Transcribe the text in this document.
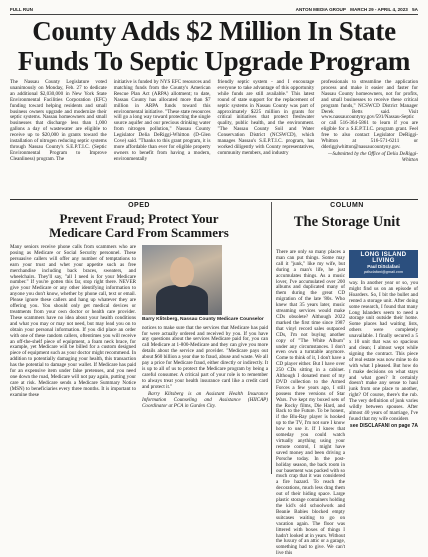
FULL RUN	ANTON MEDIA GROUP MARCH 29 - APRIL 4, 2023 5A
County Adds $2 Million In State
Funds To Septic Upgrade Program

The Nassau County Legislature voted unanimously on Monday, Feb. 27 to dedicate an additional $2,030,000 in New York State Environmental Facilities Corporation (EFC) funding toward helping residents and small business owners upgrade and modernize their septic systems. Nassau homeowners and small businesses that discharge less than 1,000 gallons a day of wastewater are eligible to receive up to $20,000 in grants toward the installation of nitrogen reducing septic systems through Nassau County's S.E.P.T.I.C. (Septic Environmental Program to Improve Cleanliness) program. The

initiative is funded by NYS EFC resources and matching funds from the County's American Rescue Plan Act (ARPA) allotment; to date, Nassau County has allocated more than $7 million in ARPA funds toward this environmental initiative. "These state resources will go a long way toward protecting the single source aquifer and our precious drinking water from nitrogen pollution," Nassau County Legislator Delia DeRiggi-Whitton (D-Glen Cove) said. "Thanks to this grant program, it is more affordable than ever for eligible property owners to benefit from having a modern, environmentally

friendly septic system - and I encourage everyone to take advantage of this opportunity while funds are still available." This latest round of state support for the replacement of septic systems in Nassau County was part of approximately $225 million in grants for critical initiatives that protect freshwater quality, public health, and the environment. "The Nassau County Soil and Water Conservation District (NCSWCD), which manages Nassau's S.E.P.T.I.C. program, has worked diligently with County representatives, community members, and industry

professionals to streamline the application process and make it easier and faster for Nassau County homeowners, not for profits, and small businesses to receive these critical program funds," NCSWCD District Manager Derek Betts said. Visit www.nassaucountyny.gov/591/Nassau-Septic or call 516-364-5861 to learn if you are eligible for a S.E.P.T.I.C. program grant. Feel free to also contact Legislator DeRiggi-Whitton at 516-571-6211 or dderiggiwhitton@nassaucountyny.gov.

—Submitted by the Office of Delia DeRiggi-Whitton
OPED	COLUMN
Prevent Fraud; Protect Your
Medicare Card From Scammers
The Storage Unit

Many seniors receive phone calls from scammers who are posing as Medicare or Social Security personnel. These persuasive callers will offer any number of temptations to earn your trust and whet your appetite such as free merchandise including back braces, sweaters, and wheelchairs. They'll say, "all I need is for your Medicare number." If you're gotten this far, stop right there. NEVER give your Medicare or any other identifying information to anyone you don't know, whether by phone call, text or email. Please ignore these callers and hang up whatever they are offering you. You should only get medical devices or treatments from your own doctor or health care provider. These scammers have no idea about your health conditions and what you may or may not need, but may lead you on to obtain your personal information. If you did place an order with one of these random callers, oftentimes you will receive an off-the-shelf piece of equipment, a foam neck brace, for example, yet Medicare will be billed for a custom designed piece of equipment such as your doctor might recommend. In addition to potentially damaging your health, this transaction has the potential to damage your wallet. If Medicare has paid for an expensive item under false pretenses, and you need one down the road, Medicare will not pay again, putting your care at risk. Medicare sends a Medicare Summary Notice (MSN) to beneficiaries every three months. It is important to examine these

Barry Klitsberg, Nassau County Medicare Counselor

notices to make sure that the services that Medicare has paid for were actually ordered and received by you. If you have any questions about the services Medicare paid for, you can call Medicare at 1-800-Medicare and they can give you more details about the service and provider. "Medicare pays out about $60 billion a year due to fraud, abuse and waste. We all pay a price for Medicare fraud, either directly or indirectly. It is up to all of us to protect the Medicare program by being a careful consumer. A critical part of your role is to remember to always treat your health insurance card like a credit card and protect it."

Barry Klitsberg is an Assistant Health Insurance Information Counseling and Assistance (HIICAP) Coordinator at PCA in Garden City.

There are only so many places a man can put things. Some may call it "junk," like my wife, but during a man's life, he just accumulates things. As a music lover, I've accumulated over 200 albums and duplicated many of them during the great CD migration of the late '80s. Who knew that 35 years later, music streaming services would make CDs obsolete? Although 2022 marked the first time since 1987 that vinyl record sales outpaced CDs, I'm not buying another copy of "The White Album" under any circumstances. I don't even own a turntable anymore. Come to think of it, I don't have a CD player either. But I have over 250 CDs sitting in a cabinet. Although I donated most of my DVD collection to the Armed Forces a few years ago, I still possess three versions of Star Wars. I've kept my boxed sets of the Rocky films, Die Hard, and Back to the Future. To be honest, if the Blu-Ray player is hooked up to the TV, I'm not sure I know how to use it. If I knew that someday you could watch virtually anything using your remote control, I might have saved money and been driving a Porsche today. In the post-holiday season, the back room in our basement was packed with so much crap that it was considered a fire hazard. To reach the decorations, much less drag them out of their hiding space. Large plastic storage containers holding the kid's old schoolwork and Beanie Babies blocked empty suitcases waiting to go on vacation again. The floor was littered with boxes of things I hadn't looked at in years. Without the luxury of an attic or a garage, something had to give. We can't live this

LONG ISLAND LIVING
Paul DiSclafani
pdisclafani@gmail.com

way. In another year or so, you might find us on an episode of Hoarders. So, I bit the bullet and rented a storage unit. After doing some research, I found that many Long Islanders seem to need a storage unit outside their home. Some places had waiting lists, others were completely unavailable. I finally secured a 5 x 10 unit that was so spacious and clean; I almost wept while signing the contract. This piece of real estate was now mine to do with what I pleased. But how do I make decisions on what stays and what goes? It certainly doesn't make any sense to haul junk from one place to another, right? Of course, there's the rub. The very definition of junk varies wildly between spouses. After almost 40 years of marriage, I've found that my wife considers

see DISCLAFANI on page 7A
